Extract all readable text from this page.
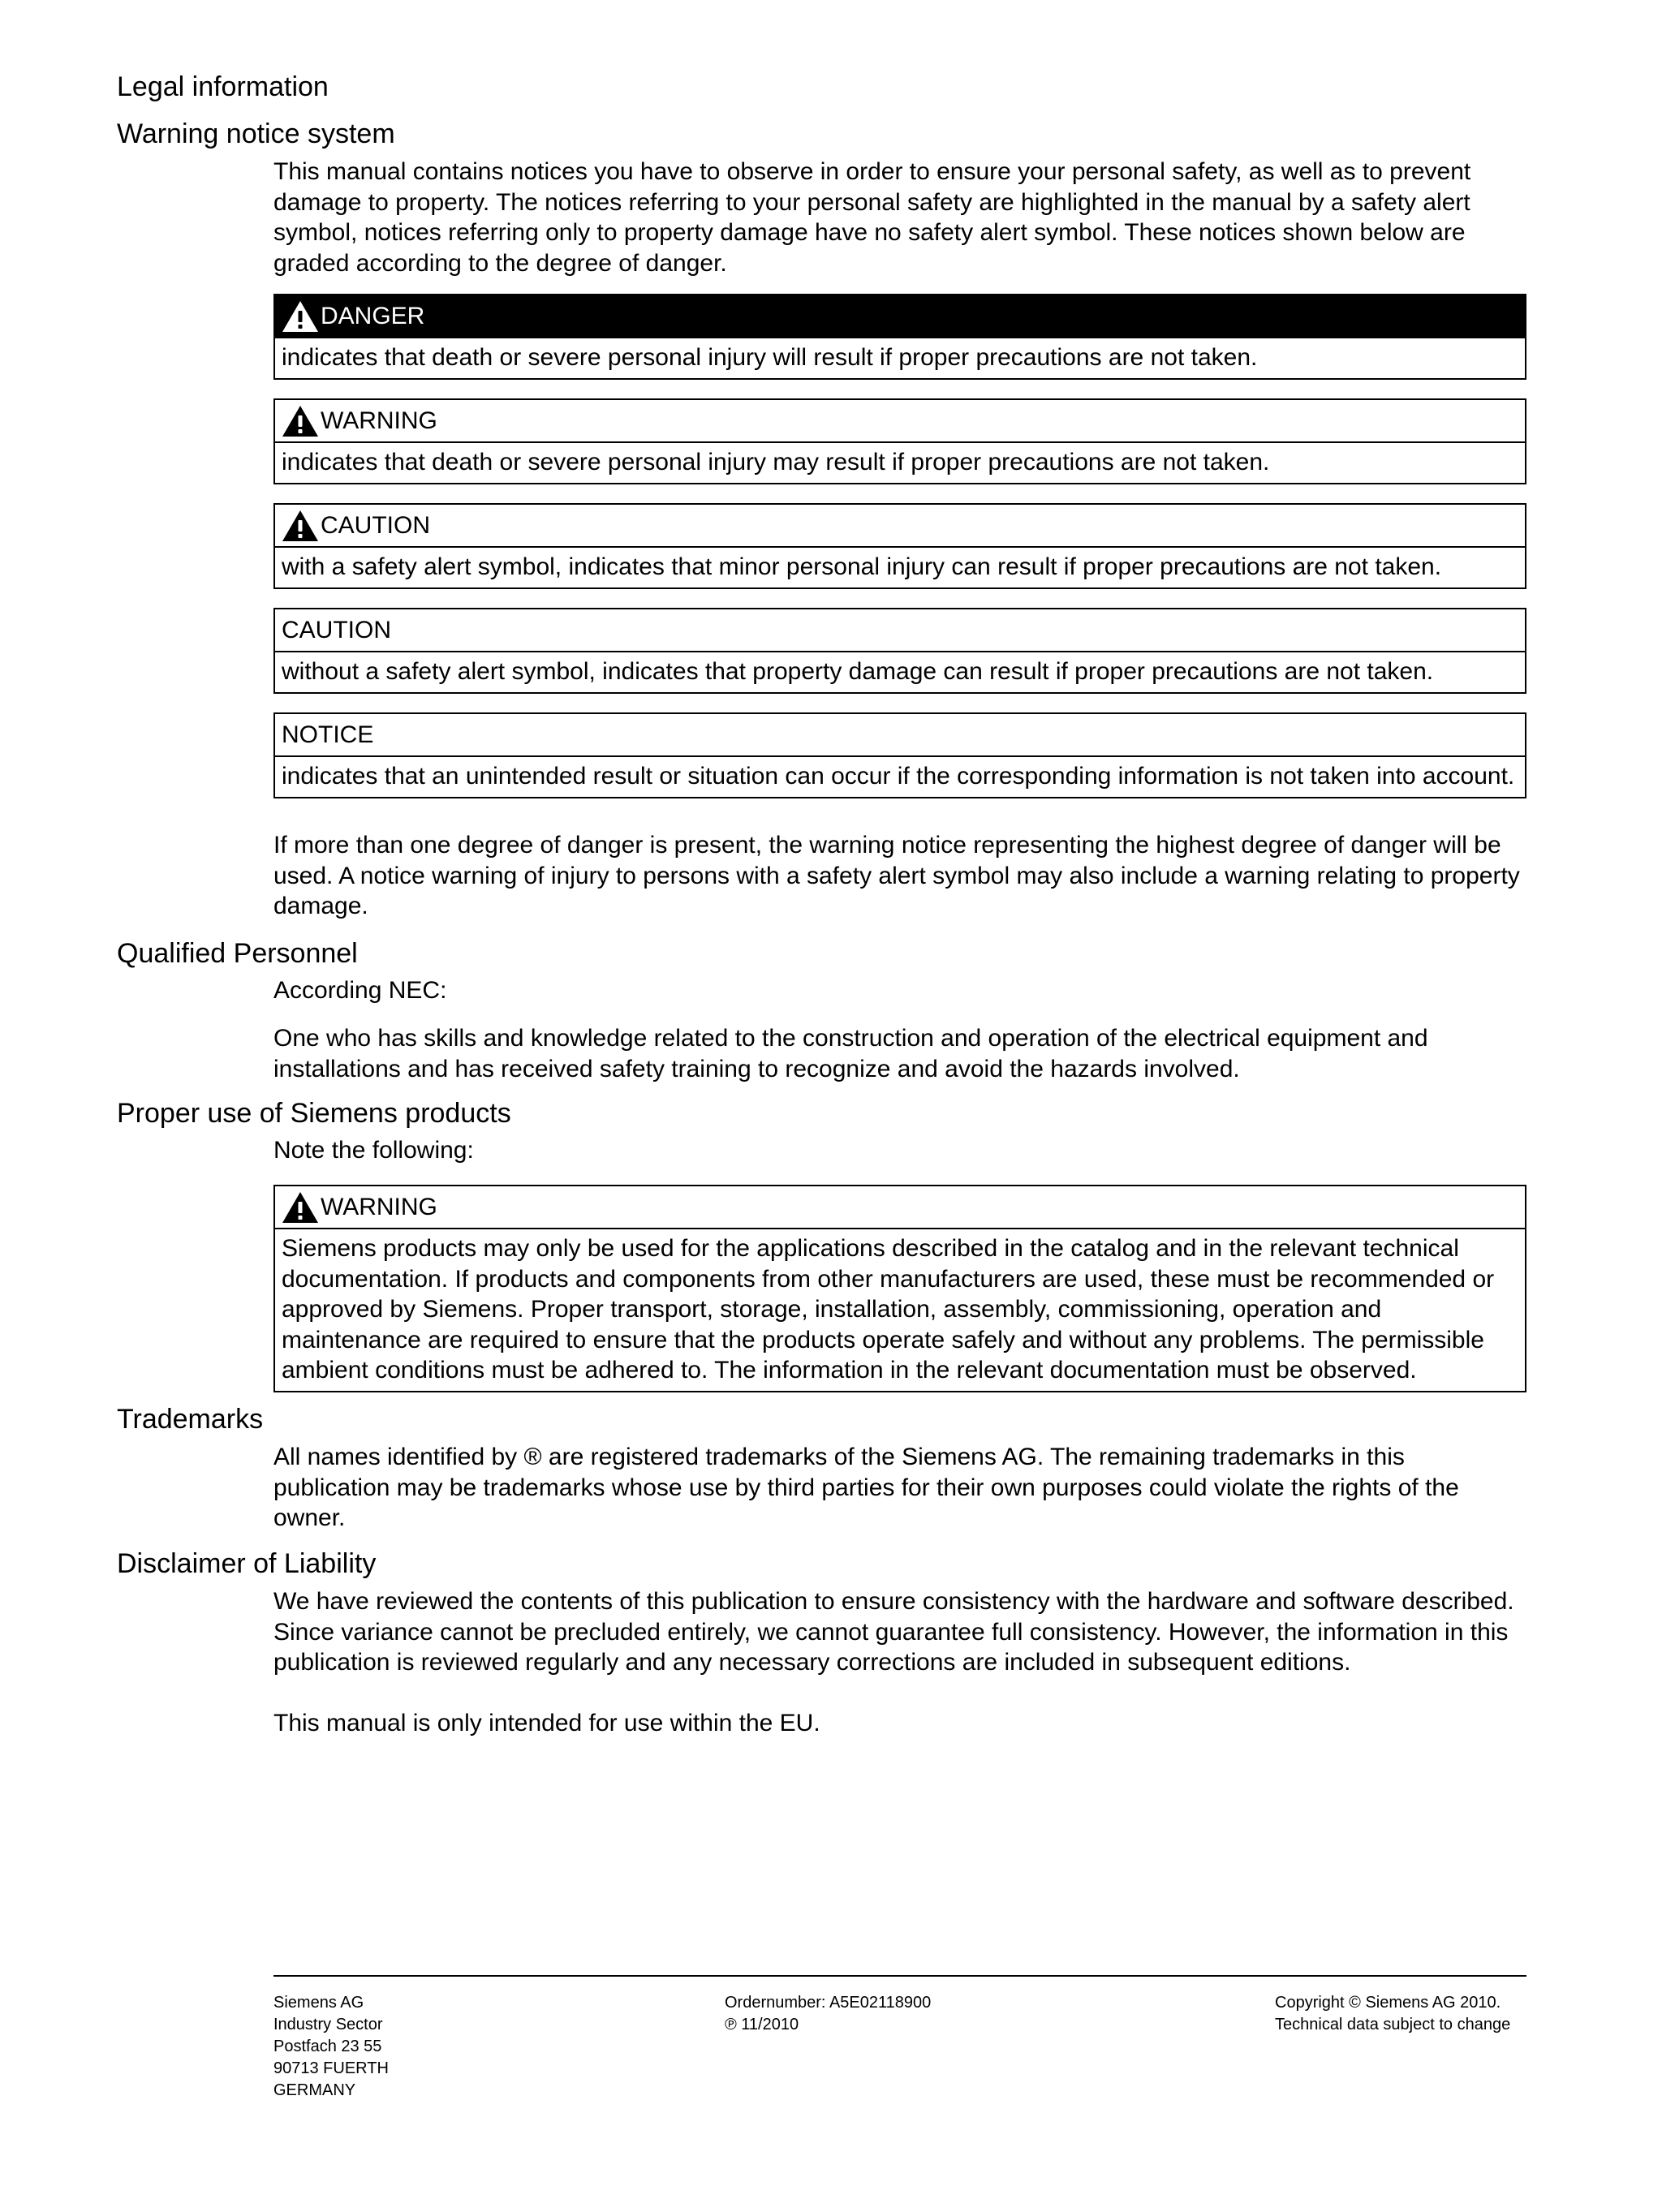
Legal information
Warning notice system

This manual contains notices you have to observe in order to ensure your personal safety, as well as to prevent damage to property. The notices referring to your personal safety are highlighted in the manual by a safety alert symbol, notices referring only to property damage have no safety alert symbol. These notices shown below are graded according to the degree of danger.

DANGER
indicates that death or severe personal injury will result if proper precautions are not taken.
WARNING
indicates that death or severe personal injury may result if proper precautions are not taken.
CAUTION
with a safety alert symbol, indicates that minor personal injury can result if proper precautions are not taken.
CAUTION
without a safety alert symbol, indicates that property damage can result if proper precautions are not taken.
NOTICE
indicates that an unintended result or situation can occur if the corresponding information is not taken into account.

If more than one degree of danger is present, the warning notice representing the highest degree of danger will be used. A notice warning of injury to persons with a safety alert symbol may also include a warning relating to property damage.

Qualified Personnel

According NEC:

One who has skills and knowledge related to the construction and operation of the electrical equipment and installations and has received safety training to recognize and avoid the hazards involved.

Proper use of Siemens products

Note the following:

WARNING
Siemens products may only be used for the applications described in the catalog and in the relevant technical documentation. If products and components from other manufacturers are used, these must be recommended or approved by Siemens. Proper transport, storage, installation, assembly, commissioning, operation and maintenance are required to ensure that the products operate safely and without any problems. The permissible ambient conditions must be adhered to. The information in the relevant documentation must be observed.
Trademarks

All names identified by ® are registered trademarks of the Siemens AG. The remaining trademarks in this publication may be trademarks whose use by third parties for their own purposes could violate the rights of the owner.

Disclaimer of Liability

We have reviewed the contents of this publication to ensure consistency with the hardware and software described. Since variance cannot be precluded entirely, we cannot guarantee full consistency. However, the information in this publication is reviewed regularly and any necessary corrections are included in subsequent editions.

This manual is only intended for use within the EU.

Siemens AG
Industry Sector
Postfach 23 55
90713 FUERTH
GERMANY
Ordernumber: A5E02118900
℗ 11/2010
Copyright © Siemens AG 2010.
Technical data subject to change
